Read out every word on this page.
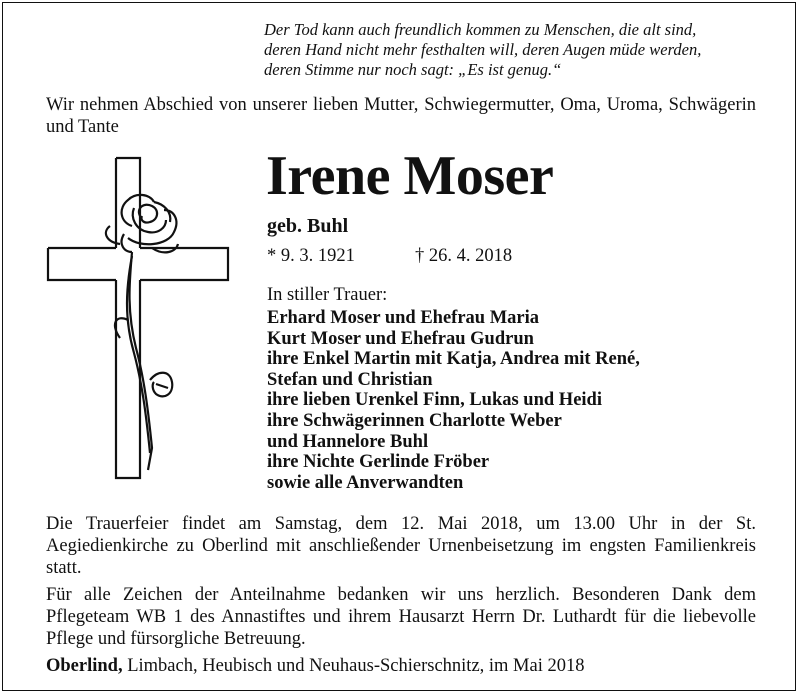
Der Tod kann auch freundlich kommen zu Menschen, die alt sind,
deren Hand nicht mehr festhalten will, deren Augen müde werden,
deren Stimme nur noch sagt: „Es ist genug.“
Wir nehmen Abschied von unserer lieben Mutter, Schwiegermutter, Oma, Uroma, Schwägerin und Tante
Irene Moser
geb. Buhl
* 9. 3. 1921	† 26. 4. 2018
In stiller Trauer:
Erhard Moser und Ehefrau Maria
Kurt Moser und Ehefrau Gudrun
ihre Enkel Martin mit Katja, Andrea mit René,
Stefan und Christian
ihre lieben Urenkel Finn, Lukas und Heidi
ihre Schwägerinnen Charlotte Weber
und Hannelore Buhl
ihre Nichte Gerlinde Fröber
sowie alle Anverwandten
Die Trauerfeier findet am Samstag, dem 12. Mai 2018, um 13.00 Uhr in der St. Aegiedienkirche zu Oberlind mit anschließender Urnenbeisetzung im engsten Familienkreis statt.
Für alle Zeichen der Anteilnahme bedanken wir uns herzlich. Besonderen Dank dem Pflegeteam WB 1 des Annastiftes und ihrem Hausarzt Herrn Dr. Luthardt für die liebevolle Pflege und fürsorgliche Betreuung.
Oberlind, Limbach, Heubisch und Neuhaus-Schierschnitz, im Mai 2018
